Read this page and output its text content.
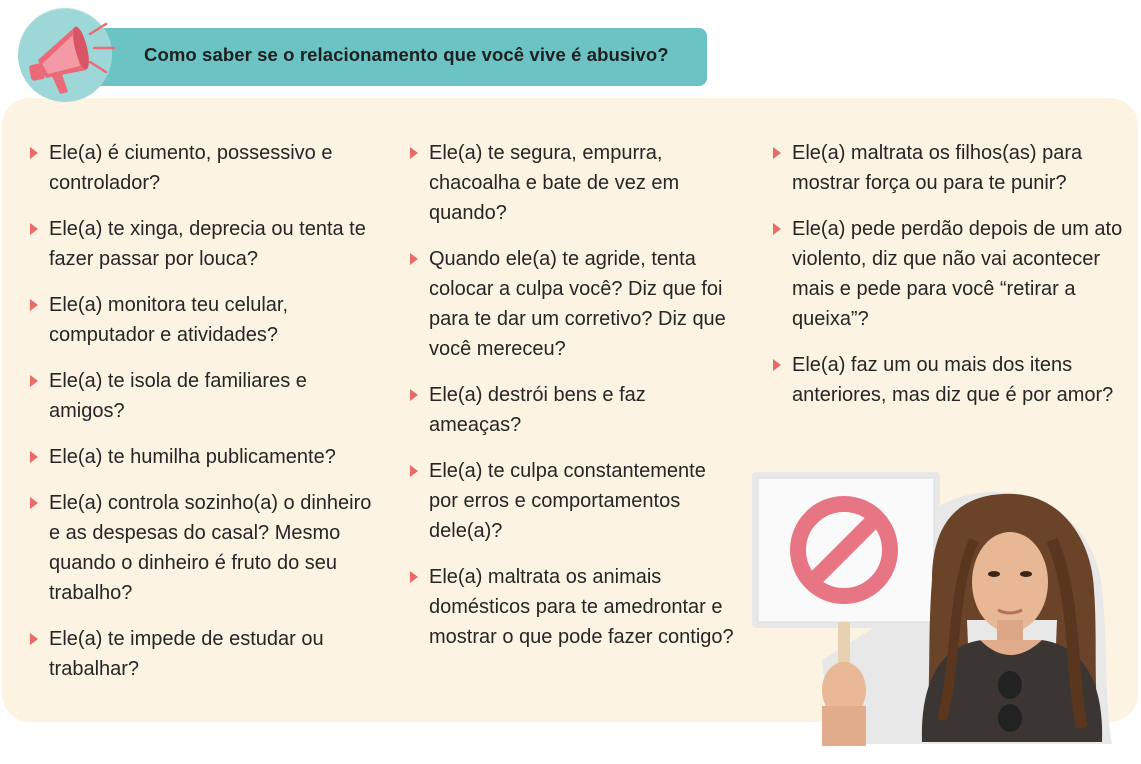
Como saber se o relacionamento que você vive é abusivo?
Ele(a) é ciumento, possessivo e controlador?
Ele(a) te xinga, deprecia ou tenta te fazer passar por louca?
Ele(a) monitora teu celular, computador e atividades?
Ele(a) te isola de familiares e amigos?
Ele(a) te humilha publicamente?
Ele(a) controla sozinho(a) o dinheiro e as despesas do casal? Mesmo quando o dinheiro é fruto do seu trabalho?
Ele(a) te impede de estudar ou trabalhar?
Ele(a) te segura, empurra, chacoalha e bate de vez em quando?
Quando ele(a) te agride, tenta colocar a culpa você? Diz que foi para te dar um corretivo? Diz que você mereceu?
Ele(a) destrói bens e faz ameaças?
Ele(a) te culpa constantemente por erros e comportamentos dele(a)?
Ele(a) maltrata os animais domésticos para te amedrontar e mostrar o que pode fazer contigo?
Ele(a) maltrata os filhos(as) para mostrar força ou para te punir?
Ele(a) pede perdão depois de um ato violento, diz que não vai acontecer mais e pede para você “retirar a queixa”?
Ele(a) faz um ou mais dos itens anteriores, mas diz que é por amor?
